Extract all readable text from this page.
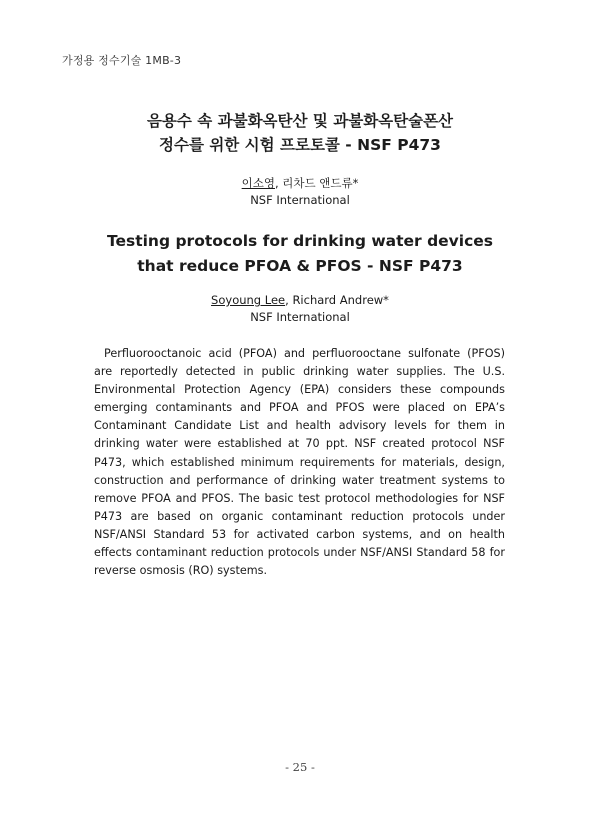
가정용 정수기술 1MB-3
음용수 속 과불화옥탄산 및 과불화옥탄술폰산
정수를 위한 시험 프로토콜 - NSF P473
이소영, 리차드 앤드류*
NSF International
Testing protocols for drinking water devices
that reduce PFOA & PFOS - NSF P473
Soyoung Lee, Richard Andrew*
NSF International

Perfluorooctanoic acid (PFOA) and perfluorooctane sulfonate (PFOS) are reportedly detected in public drinking water supplies. The U.S. Environmental Protection Agency (EPA) considers these compounds emerging contaminants and PFOA and PFOS were placed on EPA’s Contaminant Candidate List and health advisory levels for them in drinking water were established at 70 ppt. NSF created protocol NSF P473, which established minimum requirements for materials, design, construction and performance of drinking water treatment systems to remove PFOA and PFOS. The basic test protocol methodologies for NSF P473 are based on organic contaminant reduction protocols under NSF/ANSI Standard 53 for activated carbon systems, and on health effects contaminant reduction protocols under NSF/ANSI Standard 58 for reverse osmosis (RO) systems.

- 25 -
